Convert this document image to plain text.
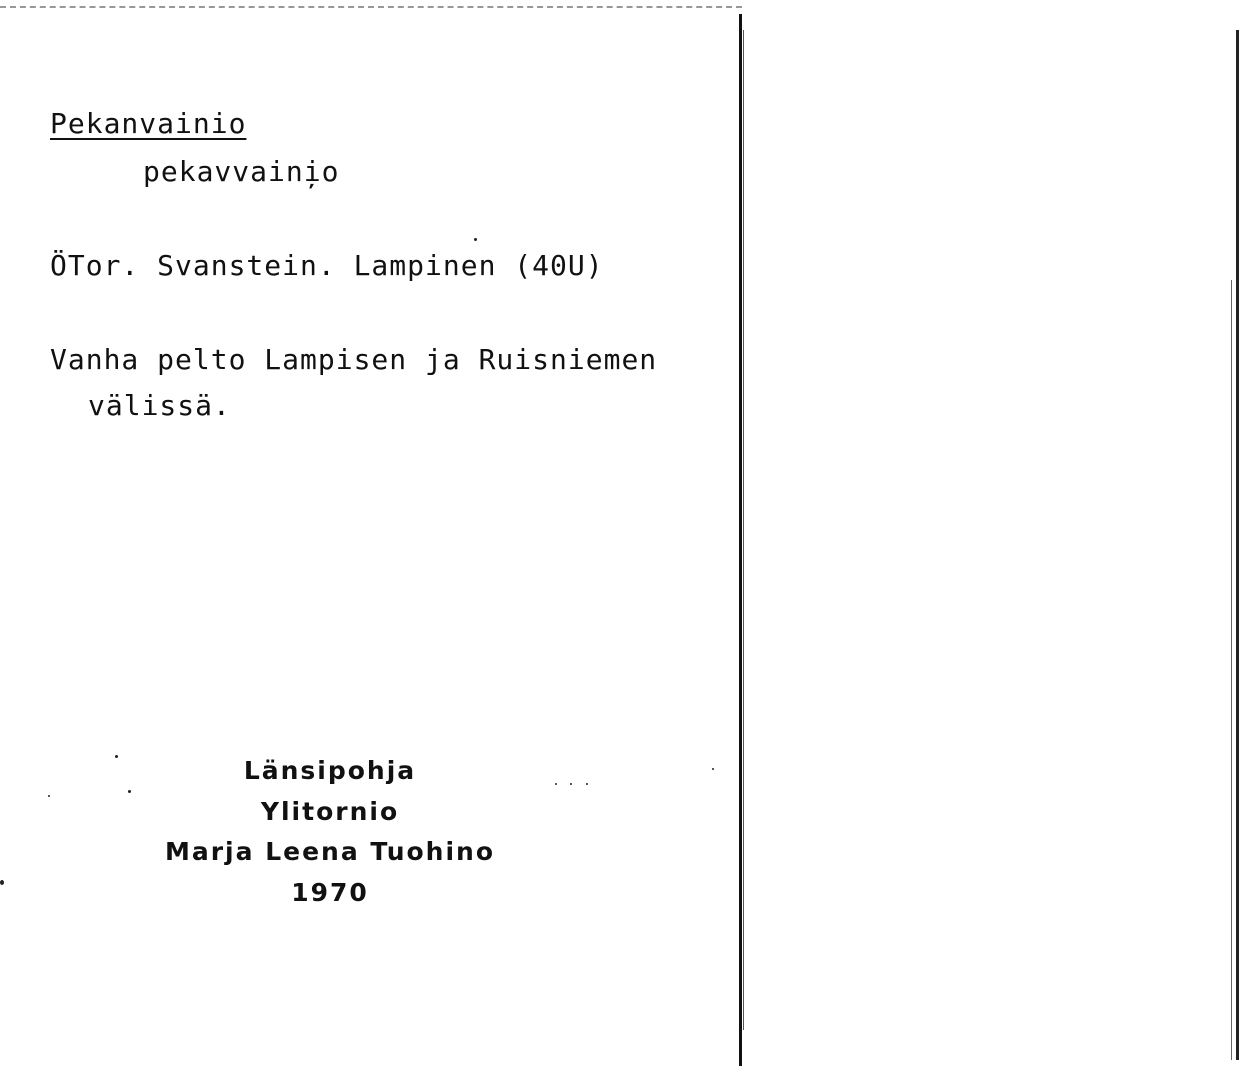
Pekanvainio
pekavvaini̦o
ÖTor. Svanstein. Lampinen (40U)
Vanha pelto Lampisen ja Ruisniemen
välissä.
Länsipohja
Ylitornio
Marja Leena Tuohino
1970
